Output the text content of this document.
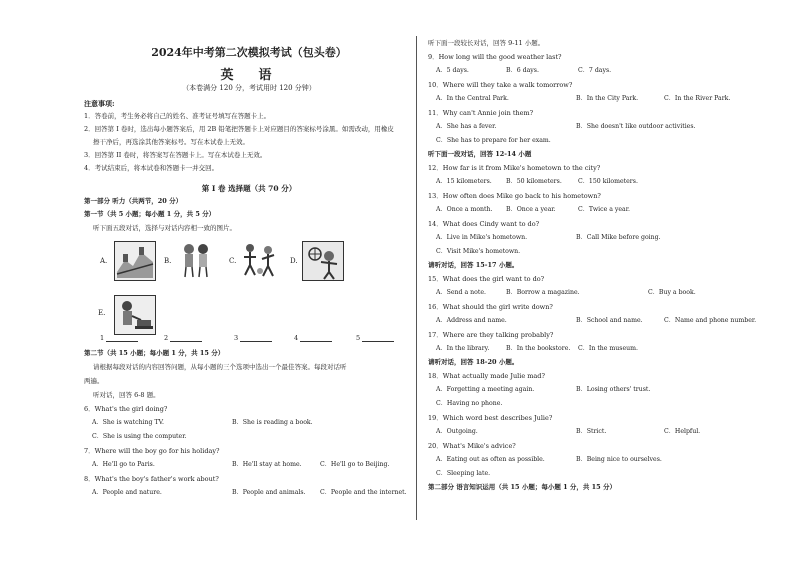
2024年中考第二次模拟考试（包头卷）
英　语
（本卷满分 120 分，考试用时 120 分钟）
注意事项:
1．答卷前，考生务必将自己的姓名、准考证号填写在答题卡上。
2．回答第 I 卷时，选出每小题答案后，用 2B 铅笔把答题卡上对应题目的答案标号涂黑。如需改动，用橡皮
擦干净后，再选涂其他答案标号。写在本试卷上无效。
3．回答第 II 卷时，将答案写在答题卡上。写在本试卷上无效。
4．考试结束后，将本试卷和答题卡一并交回。
第 I 卷 选择题（共 70 分）
第一部分 听力（共两节，20 分）
第一节（共 5 小题；每小题 1 分，共 5 分）
听下面五段对话，选择与对话内容相一致的图片。
A.	B.	C.	D.
E.
1	2	3	4	5
第二节（共 15 小题；每小题 1 分，共 15 分）
请根据每段对话的内容回答问题，从每小题的三个选项中选出一个最佳答案。每段对话听
两遍。
听对话，回答 6-8 题。
6．What's the girl doing?
A．She is watching TV.	B．She is reading a book.
C．She is using the computer.
7．Where will the boy go for his holiday?
A．He'll go to Paris.	B．He'll stay at home.	C．He'll go to Beijing.
8．What's the boy's father's work about?
A．People and nature.	B．People and animals. C．People and the internet.
听下面一段较长对话，回答 9-11 小题。
9．How long will the good weather last?
A．5 days.	B．6 days.	C．7 days.
10．Where will they take a walk tomorrow?
A．In the Central Park.	B．In the City Park.	C．In the River Park.
11．Why can't Annie join them?
A．She has a fever.	B．She doesn't like outdoor activities.
C．She has to prepare for her exam.
听下面一段对话，回答 12-14 小题
12．How far is it from Mike's hometown to the city?
A．15 kilometers. B．50 kilometers.	C．150 kilometers.
13．How often does Mike go back to his hometown?
A．Once a month. B．Once a year.	C．Twice a year.
14．What does Cindy want to do?
A．Live in Mike's hometown.	B．Call Mike before going.
C．Visit Mike's hometown.
请听对话，回答 15-17 小题。
15．What does the girl want to do?
A．Send a note.	B．Borrow a magazine.	C．Buy a book.
16．What should the girl write down?
A．Address and name.	B．School and name.	C．Name and phone number.
17．Where are they talking probably?
A．In the library.	B．In the bookstore. C．In the museum.
请听对话，回答 18-20 小题。
18．What actually made Julie mad?
A．Forgetting a meeting again.	B．Losing others' trust.
C．Having no phone.
19．Which word best describes Julie?
A．Outgoing.	B．Strict.	C．Helpful.
20．What's Mike's advice?
A．Eating out as often as possible.	B．Being nice to ourselves.
C．Sleeping late.
第二部分 语言知识运用（共 15 小题；每小题 1 分，共 15 分）
